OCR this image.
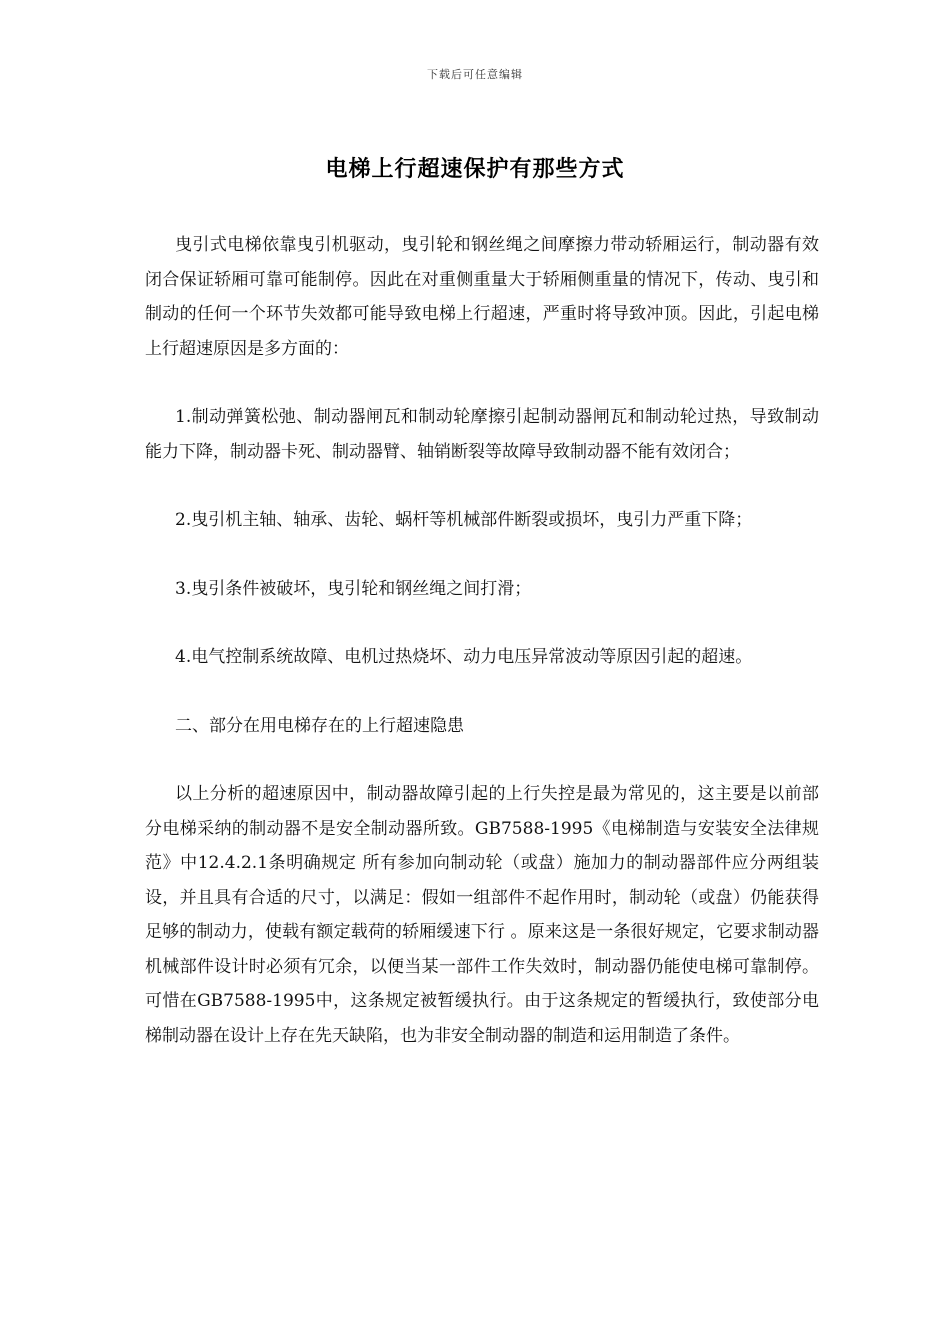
下载后可任意编辑
电梯上行超速保护有那些方式

曳引式电梯依靠曳引机驱动，曳引轮和钢丝绳之间摩擦力带动轿厢运行，制动器有效闭合保证轿厢可靠可能制停。因此在对重侧重量大于轿厢侧重量的情况下，传动、曳引和制动的任何一个环节失效都可能导致电梯上行超速，严重时将导致冲顶。因此，引起电梯上行超速原因是多方面的：

1.制动弹簧松弛、制动器闸瓦和制动轮摩擦引起制动器闸瓦和制动轮过热，导致制动能力下降，制动器卡死、制动器臂、轴销断裂等故障导致制动器不能有效闭合；

2.曳引机主轴、轴承、齿轮、蜗杆等机械部件断裂或损坏，曳引力严重下降；

3.曳引条件被破坏，曳引轮和钢丝绳之间打滑；

4.电气控制系统故障、电机过热烧坏、动力电压异常波动等原因引起的超速。

二、部分在用电梯存在的上行超速隐患

以上分析的超速原因中，制动器故障引起的上行失控是最为常见的，这主要是以前部分电梯采纳的制动器不是安全制动器所致。GB7588-1995《电梯制造与安装安全法律规范》中12.4.2.1条明确规定 所有参加向制动轮（或盘）施加力的制动器部件应分两组装设，并且具有合适的尺寸，以满足：假如一组部件不起作用时，制动轮（或盘）仍能获得足够的制动力，使载有额定载荷的轿厢缓速下行 。原来这是一条很好规定，它要求制动器机械部件设计时必须有冗余，以便当某一部件工作失效时，制动器仍能使电梯可靠制停。可惜在GB7588-1995中，这条规定被暂缓执行。由于这条规定的暂缓执行，致使部分电梯制动器在设计上存在先天缺陷，也为非安全制动器的制造和运用制造了条件。
